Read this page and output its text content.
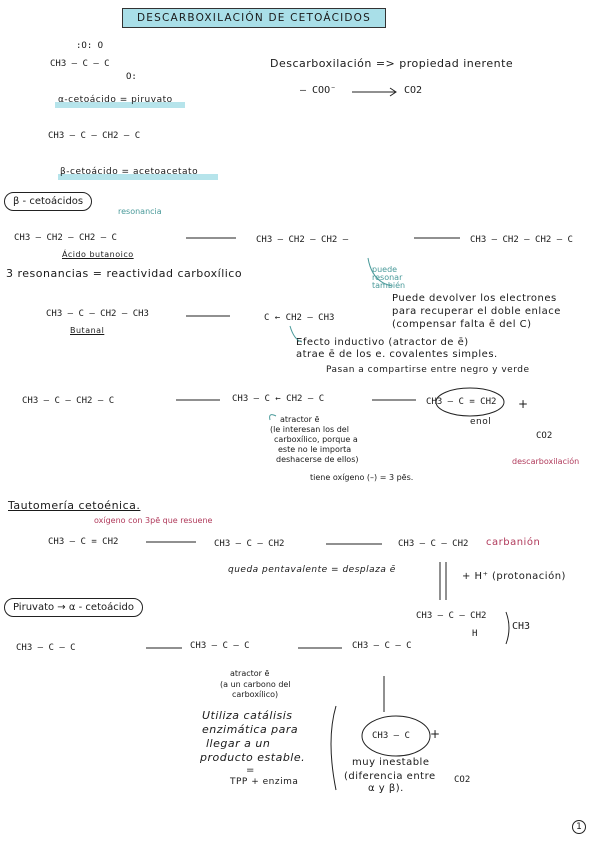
DESCARBOXILACIÓN DE CETOÁCIDOS
:O: O
CH3 – C – C
O:
α-cetoácido = piruvato
CH3 – C – CH2 – C
β-cetoácido = acetoacetato
Descarboxilación => propiedad inerente
– COO⁻	CO2
β - cetoácidos
resonancia
CH3 – CH2 – CH2 – C
Ácido butanoico
CH3 – CH2 – CH2 –	CH3 – CH2 – CH2 – C
puede resonar también
3 resonancias = reactividad carboxílico
CH3 – C – CH2 – CH3
Butanal
C ← CH2 – CH3
Puede devolver los electrones
para recuperar el doble enlace
(compensar falta ē del C)
Efecto inductivo (atractor de ē)
atrae ē de los e. covalentes simples.
Pasan a compartirse entre negro y verde
CH3 – C – CH2 – C	CH3 – C ← CH2 – C	CH3 – C = CH2
enol
+
CO2
descarboxilación
atractor ē
(le interesan los del
carboxílico, porque a
este no le importa
deshacerse de ellos)
tiene oxígeno (–) = 3 pēs.
Tautomería cetoénica.
oxígeno con 3pē que resuene
CH3 – C = CH2	CH3 – C – CH2	CH3 – C – CH2 carbanión
queda pentavalente = desplaza ē
+ H⁺ (protonación)
CH3 – C – CH2
H
CH3
Piruvato → α - cetoácido
CH3 – C – C	CH3 – C – C	CH3 – C – C
atractor ē
(a un carbono del
carboxílico)
Utiliza catálisis
enzimática para
llegar a un
producto estable.
=
TPP + enzima
CH3 – C +
muy inestable
(diferencia entre
α y β).
CO2
1
